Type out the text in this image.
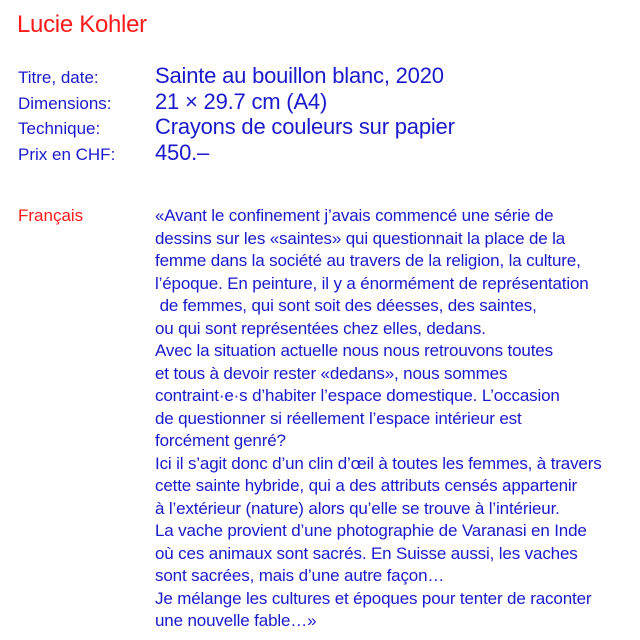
Lucie Kohler
Titre, date:	Sainte au bouillon blanc, 2020
Dimensions:	21 × 29.7 cm (A4)
Technique:	Crayons de couleurs sur papier
Prix en CHF:	450.–
Français	«Avant le confinement j’avais commencé une série de
dessins sur les «saintes» qui questionnait la place de la
femme dans la société au travers de la religion, la culture,
l’époque. En peinture, il y a énormément de représentation
de femmes, qui sont soit des déesses, des saintes,
ou qui sont représentées chez elles, dedans.
Avec la situation actuelle nous nous retrouvons toutes
et tous à devoir rester «dedans», nous sommes
contraint·e·s d’habiter l’espace domestique. L’occasion
de questionner si réellement l’espace intérieur est
forcément genré?
Ici il s’agit donc d’un clin d’œil à toutes les femmes, à travers
cette sainte hybride, qui a des attributs censés appartenir
à l’extérieur (nature) alors qu’elle se trouve à l’intérieur.
La vache provient d’une photographie de Varanasi en Inde
où ces animaux sont sacrés. En Suisse aussi, les vaches
sont sacrées, mais d’une autre façon…
Je mélange les cultures et époques pour tenter de raconter
une nouvelle fable…»
